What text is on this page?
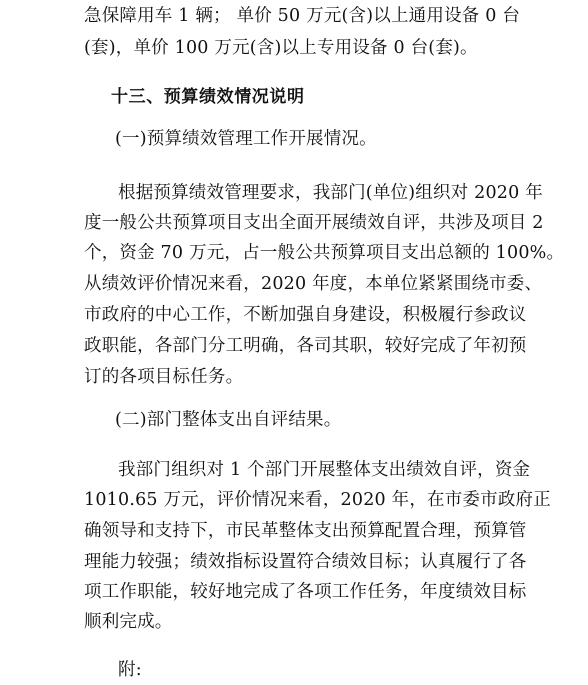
急保障用车 1 辆； 单价 50 万元(含)以上通用设备 0 台
(套)，单价 100 万元(含)以上专用设备 0 台(套)。
十三、预算绩效情况说明
(一)预算绩效管理工作开展情况。
根据预算绩效管理要求，我部门(单位)组织对 2020 年
度一般公共预算项目支出全面开展绩效自评，共涉及项目 2
个，资金 70 万元，占一般公共预算项目支出总额的 100%。
从绩效评价情况来看，2020 年度，本单位紧紧围绕市委、
市政府的中心工作，不断加强自身建设，积极履行参政议
政职能，各部门分工明确，各司其职，较好完成了年初预
订的各项目标任务。
(二)部门整体支出自评结果。
我部门组织对 1 个部门开展整体支出绩效自评，资金
1010.65 万元，评价情况来看，2020 年，在市委市政府正
确领导和支持下，市民革整体支出预算配置合理，预算管
理能力较强；绩效指标设置符合绩效目标；认真履行了各
项工作职能，较好地完成了各项工作任务，年度绩效目标
顺利完成。
附:
